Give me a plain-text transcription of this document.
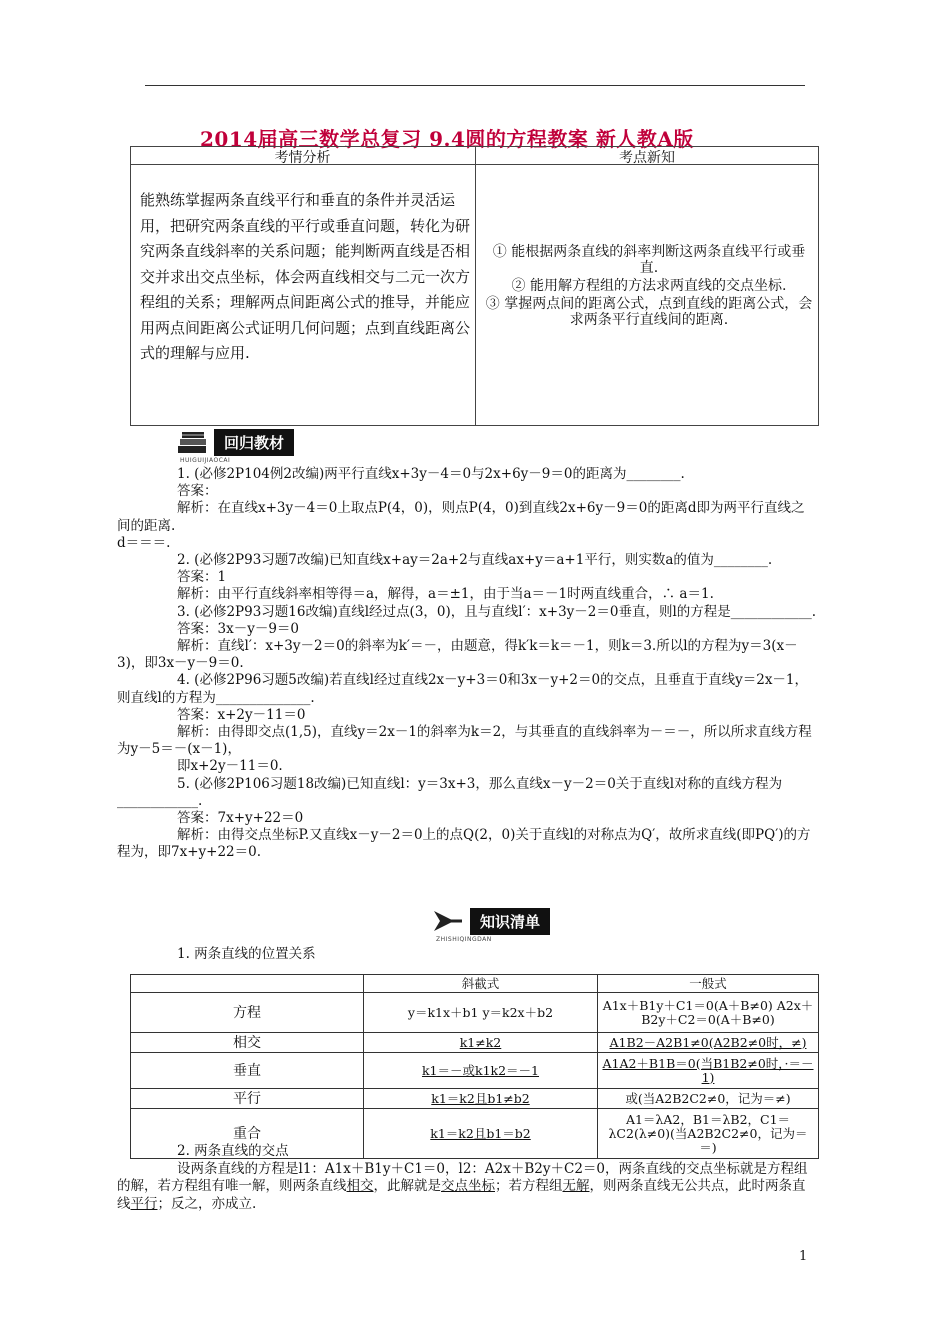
2014届高三数学总复习 9.4圆的方程教案 新人教A版
考情分析	考点新知
能熟练掌握两条直线平行和垂直的条件并灵活运用，把研究两条直线的平行或垂直问题，转化为研究两条直线斜率的关系问题；能判断两直线是否相交并求出交点坐标，体会两直线相交与二元一次方程组的关系；理解两点间距离公式的推导，并能应用两点间距离公式证明几何问题；点到直线距离公式的理解与应用.
① 能根据两条直线的斜率判断这两条直线平行或垂直.
② 能用解方程组的方法求两直线的交点坐标.
③ 掌握两点间的距离公式，点到直线的距离公式，会求两条平行直线间的距离.
回归教材
HUIGUIJIAOCAI

1. (必修2P104例2改编)两平行直线x+3y－4＝0与2x+6y－9＝0的距离为________.

答案：

解析：在直线x+3y－4＝0上取点P(4，0)，则点P(4，0)到直线2x+6y－9＝0的距离d即为两平行直线之间的距离.

d＝＝＝.

2. (必修2P93习题7改编)已知直线x+ay＝2a+2与直线ax+y＝a+1平行，则实数a的值为________.

答案：1

解析：由平行直线斜率相等得＝a，解得，a＝±1，由于当a＝－1时两直线重合，∴ a＝1.

3. (必修2P93习题16改编)直线l经过点(3，0)，且与直线l′：x+3y－2＝0垂直，则l的方程是____________.

答案：3x－y－9＝0

解析：直线l′：x+3y－2＝0的斜率为k′＝－，由题意，得k′k＝k＝－1，则k＝3.所以l的方程为y＝3(x－3)，即3x－y－9＝0.

4. (必修2P96习题5改编)若直线l经过直线2x－y+3＝0和3x－y+2＝0的交点，且垂直于直线y＝2x－1，则直线l的方程为______________.

答案：x+2y－11＝0

解析：由得即交点(1,5)，直线y＝2x－1的斜率为k＝2，与其垂直的直线斜率为－＝－，所以所求直线方程为y－5＝－(x－1)，

即x+2y－11＝0.

5. (必修2P106习题18改编)已知直线l：y＝3x+3，那么直线x－y－2＝0关于直线l对称的直线方程为____________.

答案：7x+y+22＝0

解析：由得交点坐标P.又直线x－y－2＝0上的点Q(2，0)关于直线l的对称点为Q′，故所求直线(即PQ′)的方程为，即7x+y+22＝0.

知识清单
ZHISHIQINGDAN

1. 两条直线的位置关系

	斜截式	一般式
方程	y＝k1x＋b1 y＝k2x＋b2	A1x＋B1y＋C1＝0(A＋B≠0) A2x＋B2y＋C2＝0(A＋B≠0)
相交	k1≠k2	A1B2－A2B1≠0(A2B2≠0时，≠)
垂直	k1＝－或k1k2＝－1	A1A2＋B1B＝0(当B1B2≠0时，·＝－1)
平行	k1＝k2且b1≠b2	或(当A2B2C2≠0，记为＝≠)
重合	k1＝k2且b1＝b2	A1＝λA2，B1＝λB2，C1＝λC2(λ≠0)(当A2B2C2≠0，记为＝＝)

2. 两条直线的交点

设两条直线的方程是l1：A1x＋B1y＋C1＝0，l2：A2x＋B2y＋C2＝0，两条直线的交点坐标就是方程组的解，若方程组有唯一解，则两条直线相交，此解就是交点坐标；若方程组无解，则两条直线无公共点，此时两条直线平行；反之，亦成立.

1
